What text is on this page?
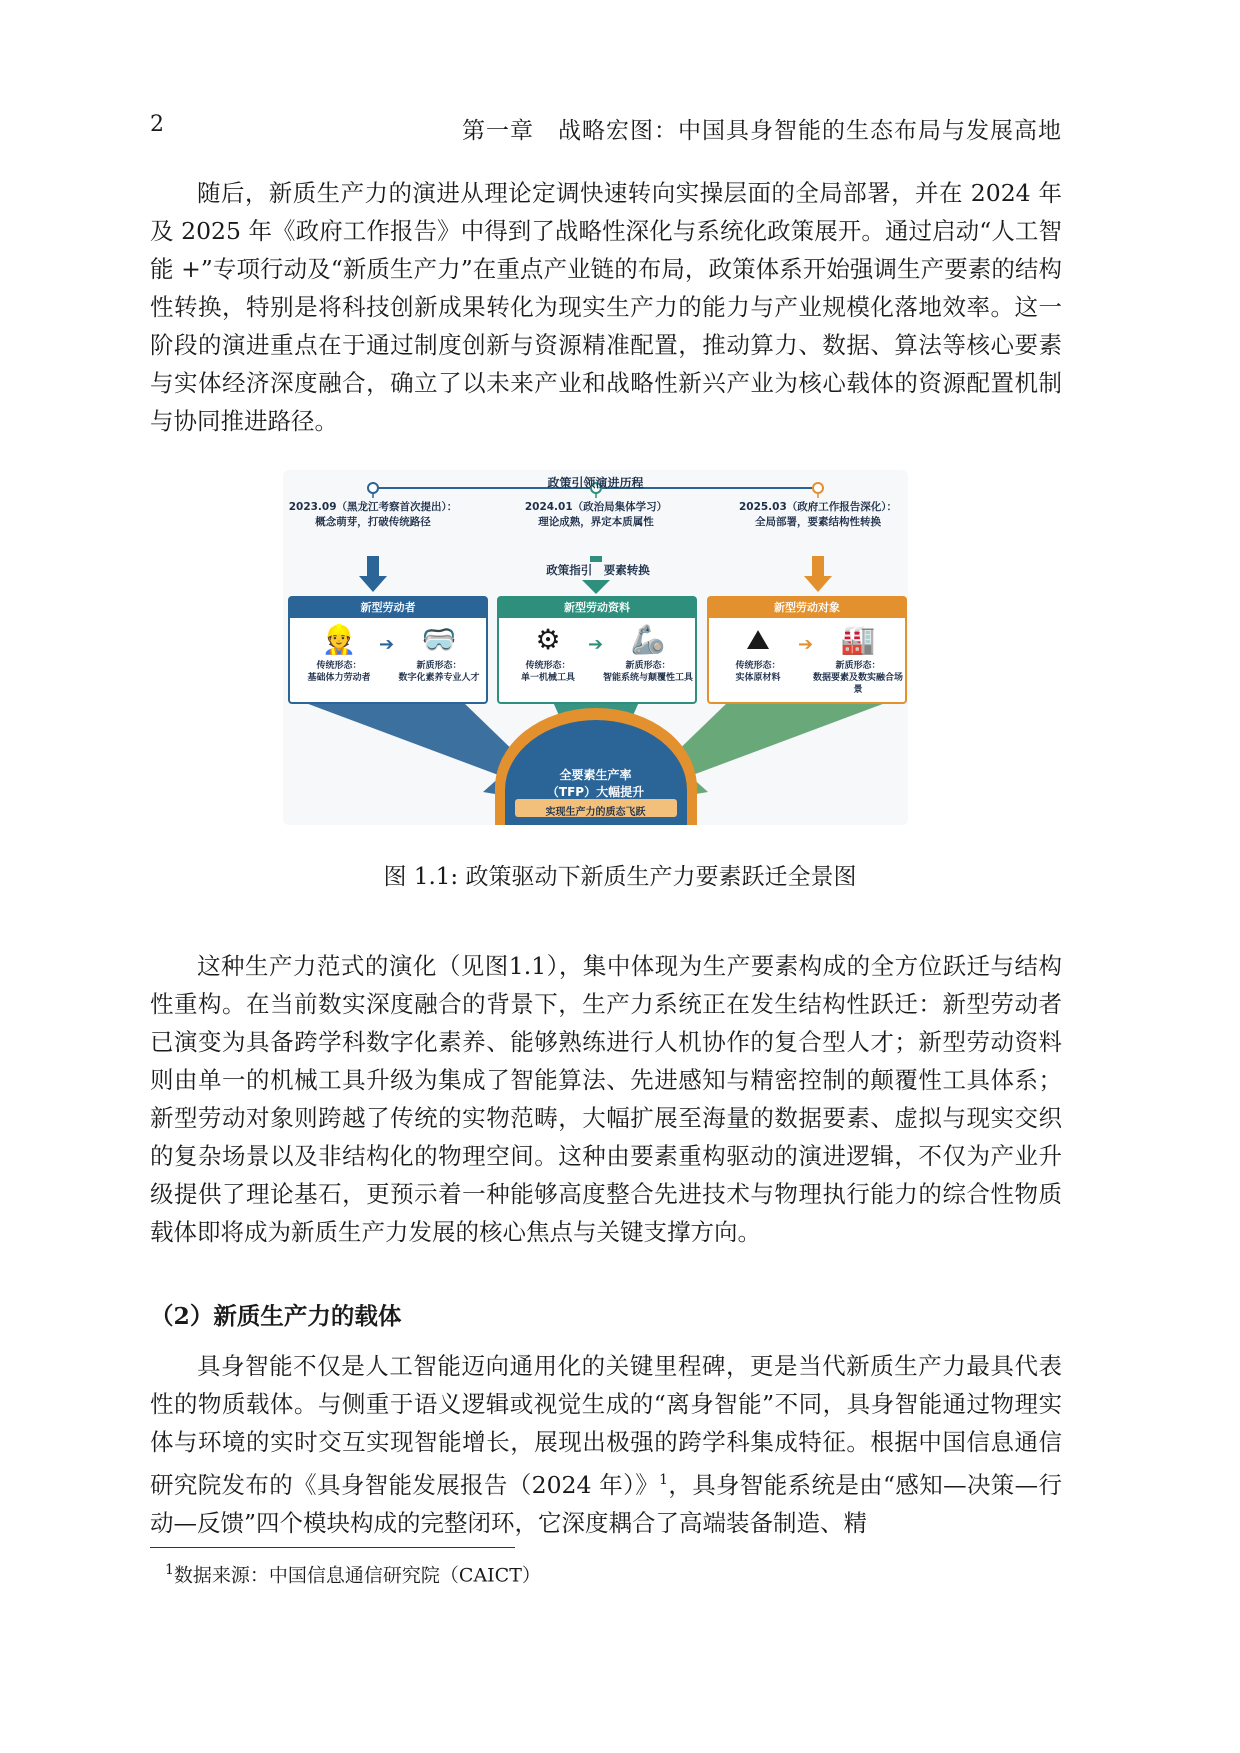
2	第一章　战略宏图：中国具身智能的生态布局与发展高地

随后，新质生产力的演进从理论定调快速转向实操层面的全局部署，并在 2024 年及 2025 年《政府工作报告》中得到了战略性深化与系统化政策展开。通过启动“人工智能 +”专项行动及“新质生产力”在重点产业链的布局，政策体系开始强调生产要素的结构性转换，特别是将科技创新成果转化为现实生产力的能力与产业规模化落地效率。这一阶段的演进重点在于通过制度创新与资源精准配置，推动算力、数据、算法等核心要素与实体经济深度融合，确立了以未来产业和战略性新兴产业为核心载体的资源配置机制与协同推进路径。

政策引领演进历程
2023.09（黑龙江考察首次提出）：
概念萌芽，打破传统路径
2024.01（政治局集体学习）
理论成熟，界定本质属性
2025.03（政府工作报告深化）：
全局部署，要素结构性转换
政策指引　要素转换
新型劳动者
👷
传统形态：
基础体力劳动者
➔ 🥽
新质形态：
数字化素养专业人才
新型劳动资料
⚙
传统形态：
单一机械工具
➔ 🦾
新质形态：
智能系统与颠覆性工具
新型劳动对象
⛰
传统形态：
实体原材料
➔ 🏭
新质形态：
数据要素及数实融合场景
全要素生产率
（TFP）大幅提升
实现生产力的质态飞跃
图 1.1: 政策驱动下新质生产力要素跃迁全景图

这种生产力范式的演化（见图1.1），集中体现为生产要素构成的全方位跃迁与结构性重构。在当前数实深度融合的背景下，生产力系统正在发生结构性跃迁：新型劳动者已演变为具备跨学科数字化素养、能够熟练进行人机协作的复合型人才；新型劳动资料则由单一的机械工具升级为集成了智能算法、先进感知与精密控制的颠覆性工具体系；新型劳动对象则跨越了传统的实物范畴，大幅扩展至海量的数据要素、虚拟与现实交织的复杂场景以及非结构化的物理空间。这种由要素重构驱动的演进逻辑，不仅为产业升级提供了理论基石，更预示着一种能够高度整合先进技术与物理执行能力的综合性物质载体即将成为新质生产力发展的核心焦点与关键支撑方向。

（2）新质生产力的载体

具身智能不仅是人工智能迈向通用化的关键里程碑，更是当代新质生产力最具代表性的物质载体。与侧重于语义逻辑或视觉生成的“离身智能”不同，具身智能通过物理实体与环境的实时交互实现智能增长，展现出极强的跨学科集成特征。根据中国信息通信研究院发布的《具身智能发展报告（2024 年）》$^1$，具身智能系统是由“感知—决策—行动—反馈”四个模块构成的完整闭环，它深度耦合了高端装备制造、精

$^1$数据来源：中国信息通信研究院（CAICT）
